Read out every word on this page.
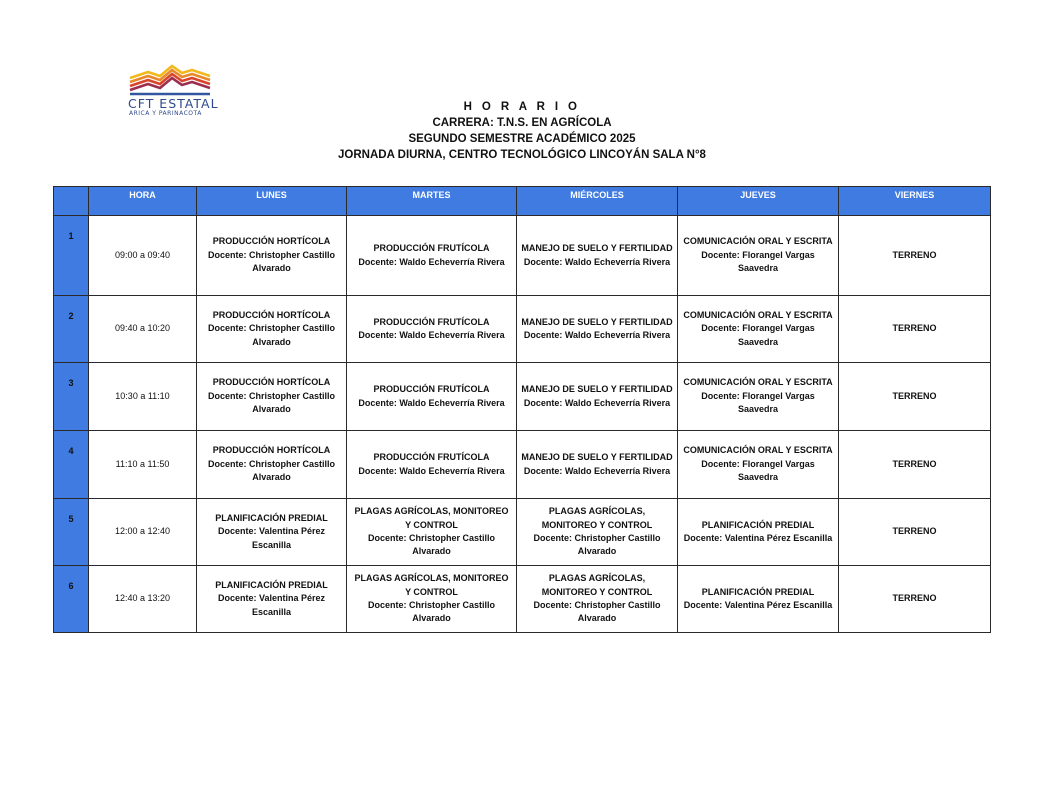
CFT ESTATAL
ARICA Y PARINACOTA
H O R A R I O
CARRERA: T.N.S. EN AGRÍCOLA
SEGUNDO SEMESTRE ACADÉMICO 2025
JORNADA DIURNA, CENTRO TECNOLÓGICO LINCOYÁN SALA N°8
	HORA	LUNES	MARTES	MIÉRCOLES	JUEVES	VIERNES
1	09:00 a 09:40	PRODUCCIÓN HORTÍCOLA
Docente: Christopher Castillo Alvarado	PRODUCCIÓN FRUTÍCOLA
Docente: Waldo Echeverría Rivera	MANEJO DE SUELO Y FERTILIDAD
Docente: Waldo Echeverría Rivera	COMUNICACIÓN ORAL Y ESCRITA
Docente: Florangel Vargas Saavedra	TERRENO
2	09:40 a 10:20	PRODUCCIÓN HORTÍCOLA
Docente: Christopher Castillo Alvarado	PRODUCCIÓN FRUTÍCOLA
Docente: Waldo Echeverría Rivera	MANEJO DE SUELO Y FERTILIDAD
Docente: Waldo Echeverría Rivera	COMUNICACIÓN ORAL Y ESCRITA
Docente: Florangel Vargas Saavedra	TERRENO
3	10:30 a 11:10	PRODUCCIÓN HORTÍCOLA
Docente: Christopher Castillo Alvarado	PRODUCCIÓN FRUTÍCOLA
Docente: Waldo Echeverría Rivera	MANEJO DE SUELO Y FERTILIDAD
Docente: Waldo Echeverría Rivera	COMUNICACIÓN ORAL Y ESCRITA
Docente: Florangel Vargas Saavedra	TERRENO
4	11:10 a 11:50	PRODUCCIÓN HORTÍCOLA
Docente: Christopher Castillo Alvarado	PRODUCCIÓN FRUTÍCOLA
Docente: Waldo Echeverría Rivera	MANEJO DE SUELO Y FERTILIDAD
Docente: Waldo Echeverría Rivera	COMUNICACIÓN ORAL Y ESCRITA
Docente: Florangel Vargas Saavedra	TERRENO
5	12:00 a 12:40	PLANIFICACIÓN PREDIAL
Docente: Valentina Pérez Escanilla	PLAGAS AGRÍCOLAS, MONITOREO Y CONTROL
Docente: Christopher Castillo Alvarado	PLAGAS AGRÍCOLAS, MONITOREO Y CONTROL
Docente: Christopher Castillo Alvarado	PLANIFICACIÓN PREDIAL
Docente: Valentina Pérez Escanilla	TERRENO
6	12:40 a 13:20	PLANIFICACIÓN PREDIAL
Docente: Valentina Pérez Escanilla	PLAGAS AGRÍCOLAS, MONITOREO Y CONTROL
Docente: Christopher Castillo Alvarado	PLAGAS AGRÍCOLAS, MONITOREO Y CONTROL
Docente: Christopher Castillo Alvarado	PLANIFICACIÓN PREDIAL
Docente: Valentina Pérez Escanilla	TERRENO
